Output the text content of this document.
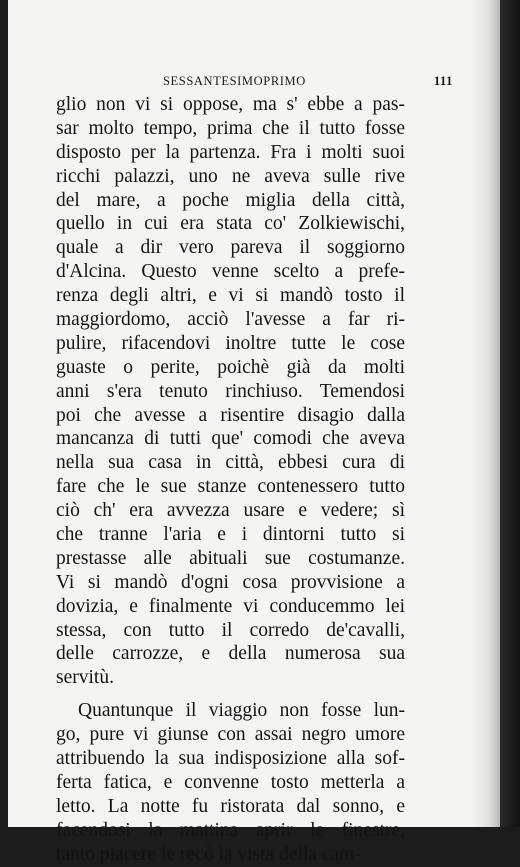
SESSANTESIMOPRIMO	111
glio non vi si oppose, ma s' ebbe a pas-
sar molto tempo, prima che il tutto fosse
disposto per la partenza. Fra i molti suoi
ricchi palazzi, uno ne aveva sulle rive
del mare, a poche miglia della città,
quello in cui era stata co' Zolkiewischi,
quale a dir vero pareva il soggiorno
d'Alcina. Questo venne scelto a prefe-
renza degli altri, e vi si mandò tosto il
maggiordomo, acciò l'avesse a far ri-
pulire, rifacendovi inoltre tutte le cose
guaste o perite, poichè già da molti
anni s'era tenuto rinchiuso. Temendosi
poi che avesse a risentire disagio dalla
mancanza di tutti que' comodi che aveva
nella sua casa in città, ebbesi cura di
fare che le sue stanze contenessero tutto
ciò ch' era avvezza usare e vedere; sì
che tranne l'aria e i dintorni tutto si
prestasse alle abituali sue costumanze.
Vi si mandò d'ogni cosa provvisione a
dovizia, e finalmente vi conducemmo lei
stessa, con tutto il corredo de'cavalli,
delle carrozze, e della numerosa sua
servitù.
Quantunque il viaggio non fosse lun-
go, pure vi giunse con assai negro umore
attribuendo la sua indisposizione alla sof-
ferta fatica, e convenne tosto metterla a
letto. La notte fu ristorata dal sonno, e
facendosi la mattina aprir le finestre,
tanto piacere le recò la vista della cam-
